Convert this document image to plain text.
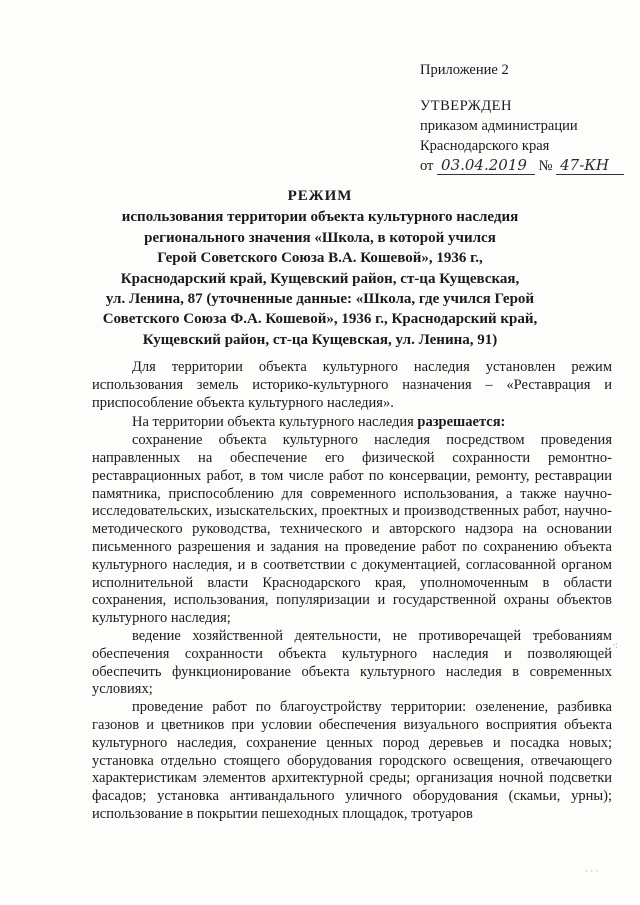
Приложение 2
УТВЕРЖДЕН
приказом администрации
Краснодарского края
от 03.04.2019 № 47-КН
РЕЖИМ
использования территории объекта культурного наследия
регионального значения «Школа, в которой учился
Герой Советского Союза В.А. Кошевой», 1936 г.,
Краснодарский край, Кущевский район, ст-ца Кущевская,
ул. Ленина, 87 (уточненные данные: «Школа, где учился Герой
Советского Союза Ф.А. Кошевой», 1936 г., Краснодарский край,
Кущевский район, ст-ца Кущевская, ул. Ленина, 91)

Для территории объекта культурного наследия установлен режим использования земель историко-культурного назначения – «Реставрация и приспособление объекта культурного наследия».

На территории объекта культурного наследия разрешается:

сохранение объекта культурного наследия посредством проведения направленных на обеспечение его физической сохранности ремонтно-реставрационных работ, в том числе работ по консервации, ремонту, реставрации памятника, приспособлению для современного использования, а также научно-исследовательских, изыскательских, проектных и производственных работ, научно-методического руководства, технического и авторского надзора на основании письменного разрешения и задания на проведение работ по сохранению объекта культурного наследия, и в соответствии с документацией, согласованной органом исполнительной власти Краснодарского края, уполномоченным в области сохранения, использования, популяризации и государственной охраны объектов культурного наследия;

ведение хозяйственной деятельности, не противоречащей требованиям обеспечения сохранности объекта культурного наследия и позволяющей обеспечить функционирование объекта культурного наследия в современных условиях;

проведение работ по благоустройству территории: озеленение, разбивка газонов и цветников при условии обеспечения визуального восприятия объекта культурного наследия, сохранение ценных пород деревьев и посадка новых; установка отдельно стоящего оборудования городского освещения, отвечающего характеристикам элементов архитектурной среды; организация ночной подсветки фасадов; установка антивандального уличного оборудования (скамьи, урны); использование в покрытии пешеходных площадок, тротуаров

·:
· · ·
